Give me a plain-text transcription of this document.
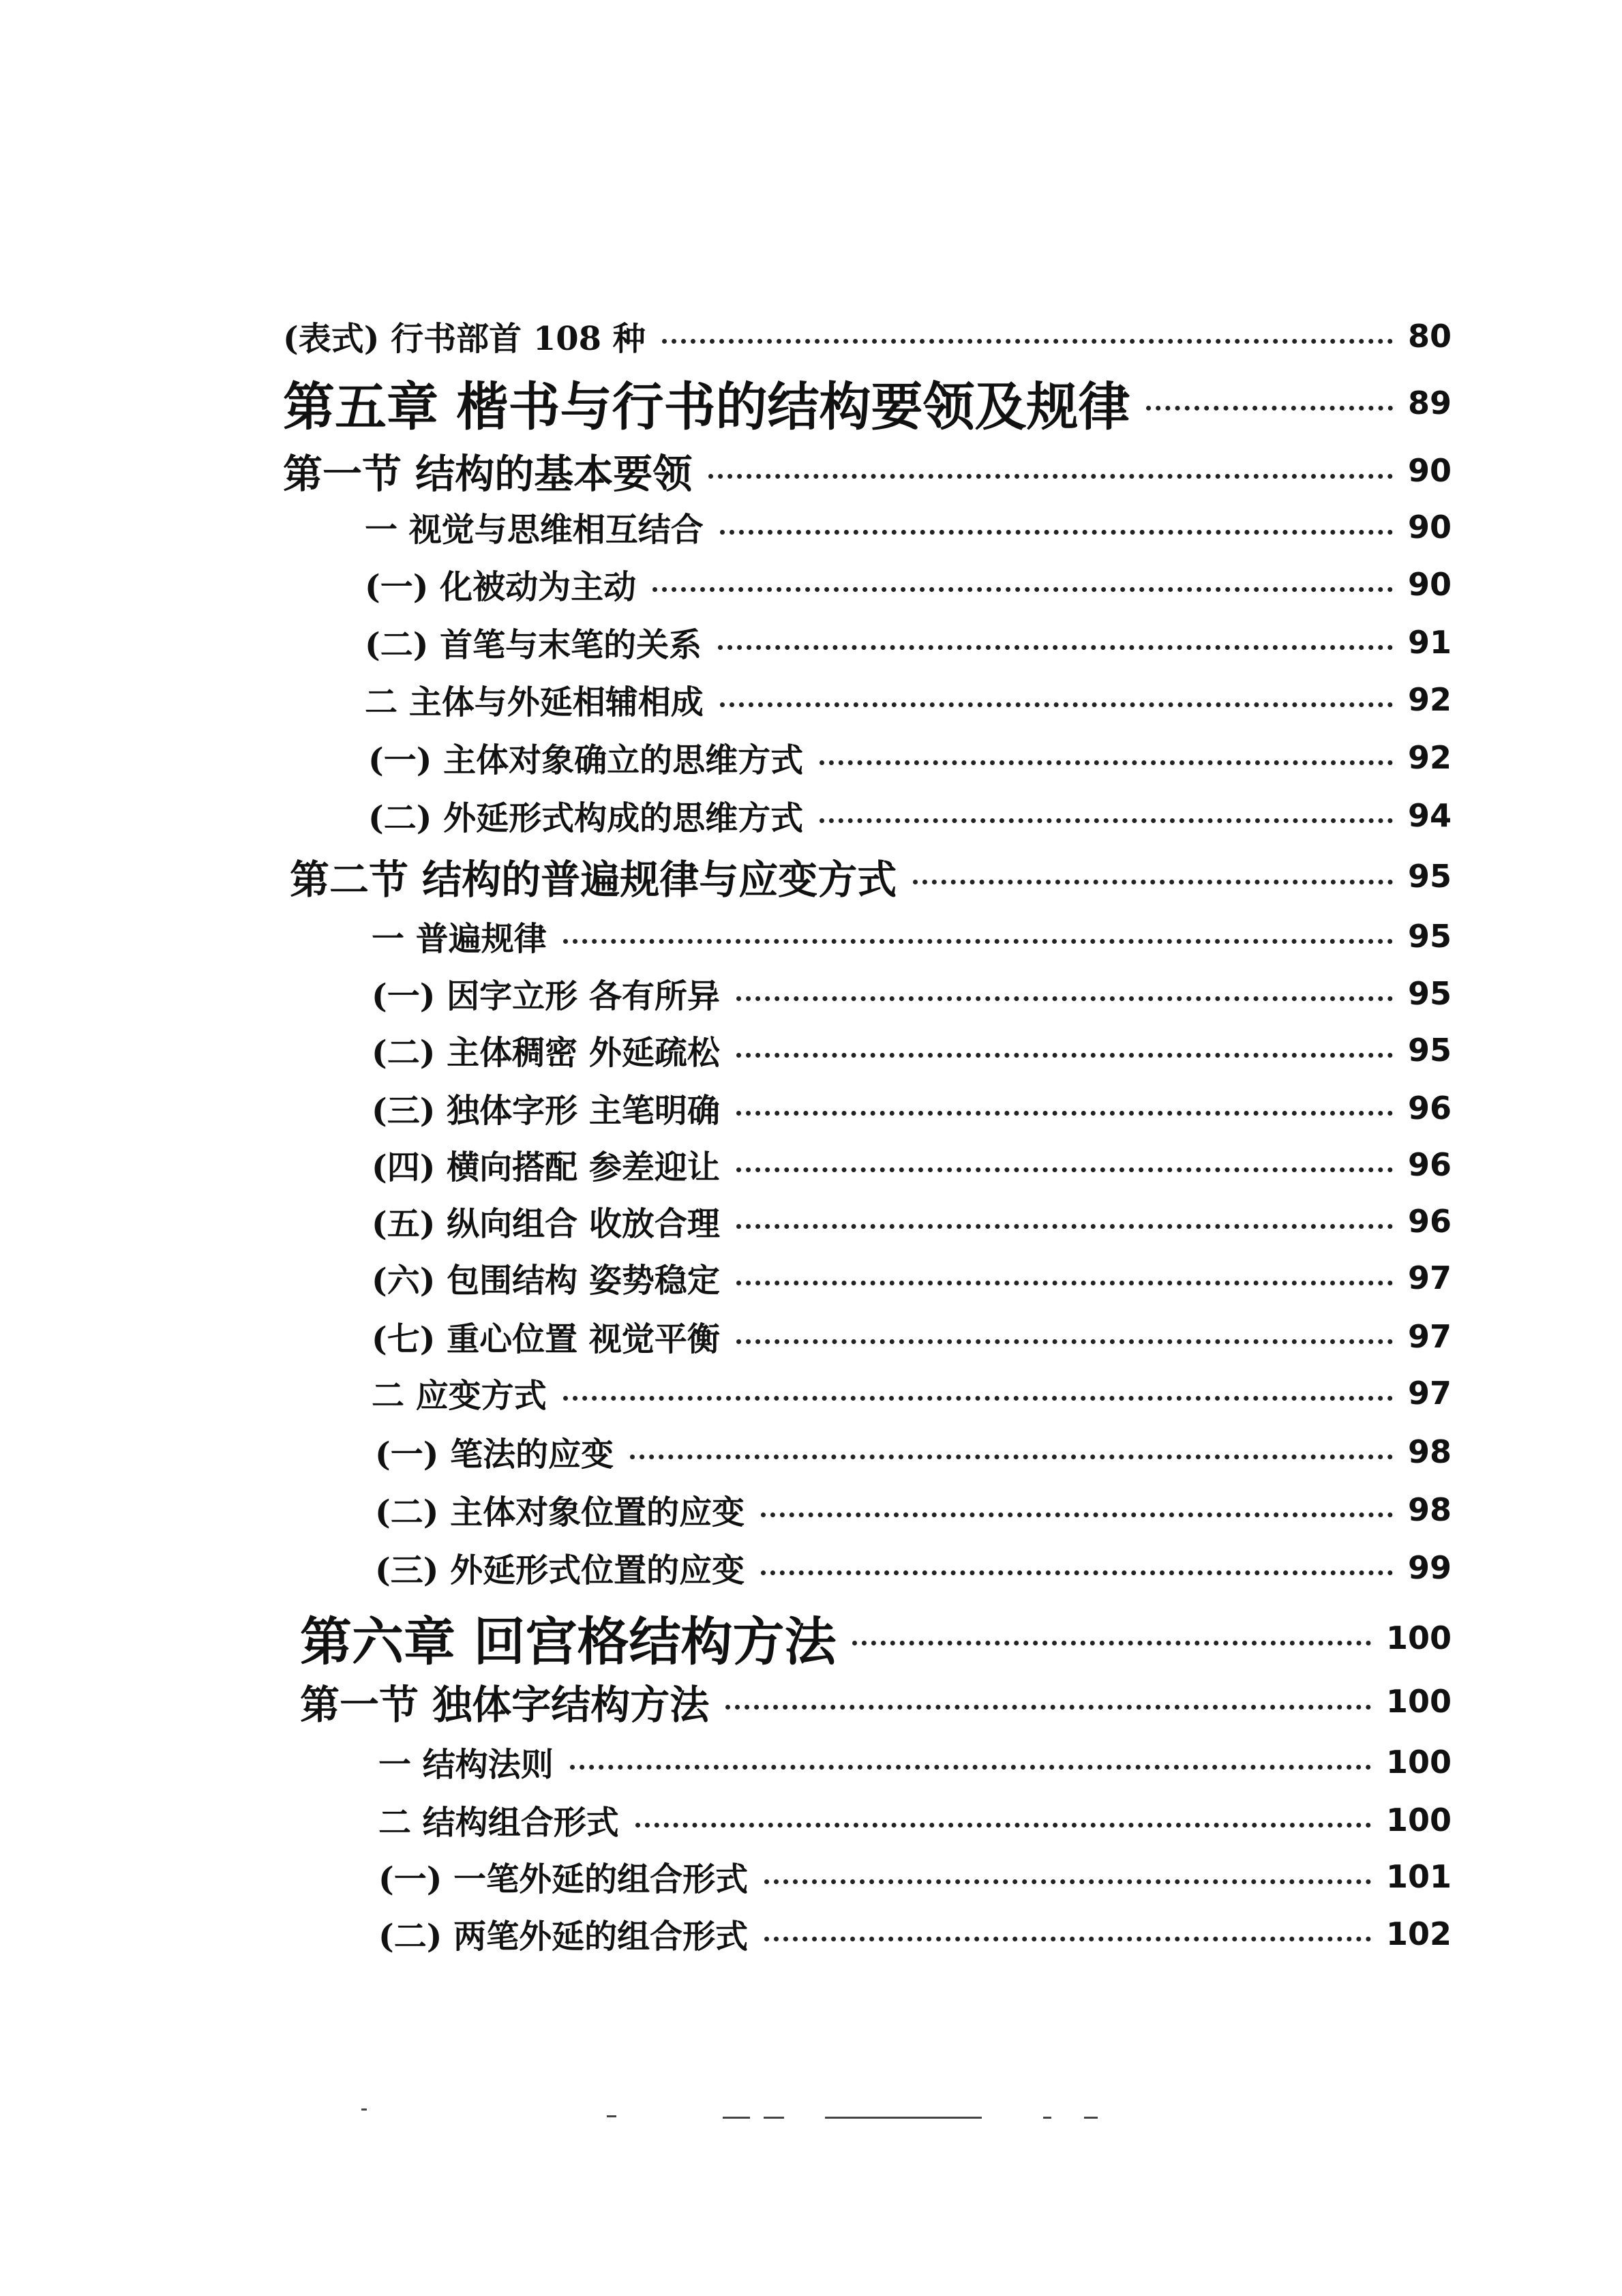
(表式) 行书部首 108 种	80
第五章 楷书与行书的结构要领及规律	89
第一节 结构的基本要领	90
一 视觉与思维相互结合	90
(一) 化被动为主动	90
(二) 首笔与末笔的关系	91
二 主体与外延相辅相成	92
(一) 主体对象确立的思维方式	92
(二) 外延形式构成的思维方式	94
第二节 结构的普遍规律与应变方式	95
一 普遍规律	95
(一) 因字立形 各有所异	95
(二) 主体稠密 外延疏松	95
(三) 独体字形 主笔明确	96
(四) 横向搭配 参差迎让	96
(五) 纵向组合 收放合理	96
(六) 包围结构 姿势稳定	97
(七) 重心位置 视觉平衡	97
二 应变方式	97
(一) 笔法的应变	98
(二) 主体对象位置的应变	98
(三) 外延形式位置的应变	99
第六章 回宫格结构方法	100
第一节 独体字结构方法	100
一 结构法则	100
二 结构组合形式	100
(一) 一笔外延的组合形式	101
(二) 两笔外延的组合形式	102
